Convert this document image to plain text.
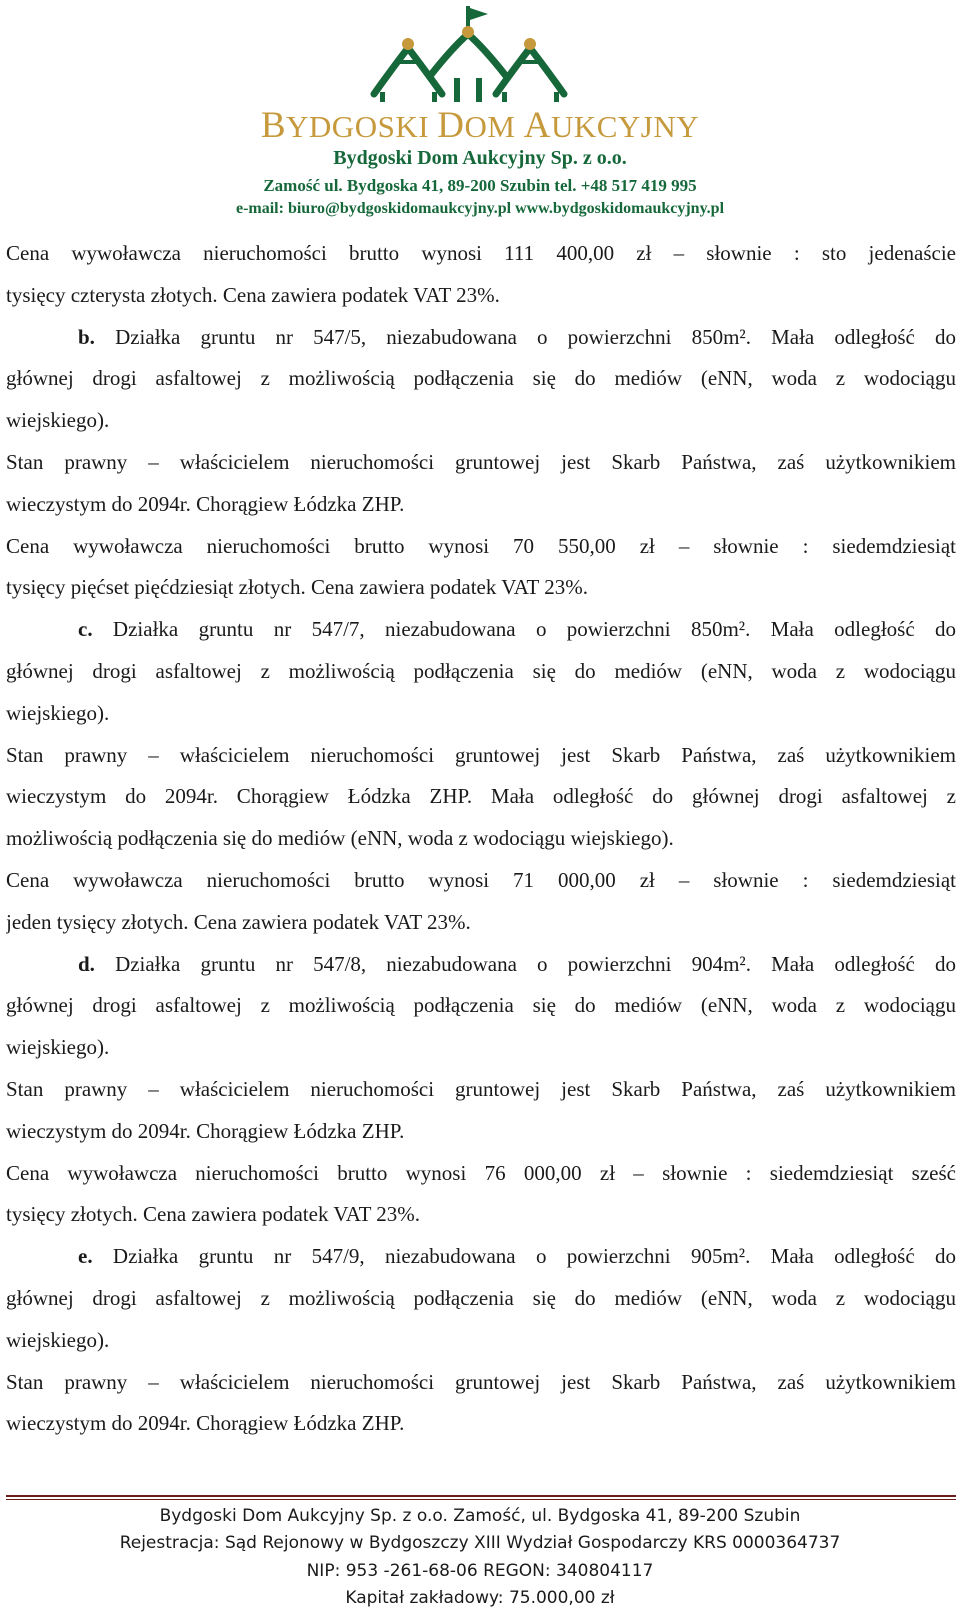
BYDGOSKI DOM AUKCYJNY
Bydgoski Dom Aukcyjny Sp. z o.o.
Zamość ul. Bydgoska 41, 89-200 Szubin tel. +48 517 419 995
e-mail: biuro@bydgoskidomaukcyjny.pl www.bydgoskidomaukcyjny.pl
Cena wywoławcza nieruchomości brutto wynosi 111 400,00 zł – słownie : sto jedenaście
tysięcy czterysta złotych. Cena zawiera podatek VAT 23%.
b. Działka gruntu nr 547/5, niezabudowana o powierzchni 850m². Mała odległość do
głównej drogi asfaltowej z możliwością podłączenia się do mediów (eNN, woda z wodociągu
wiejskiego).
Stan prawny – właścicielem nieruchomości gruntowej jest Skarb Państwa, zaś użytkownikiem
wieczystym do 2094r. Chorągiew Łódzka ZHP.
Cena wywoławcza nieruchomości brutto wynosi 70 550,00 zł – słownie : siedemdziesiąt
tysięcy pięćset pięćdziesiąt złotych. Cena zawiera podatek VAT 23%.
c. Działka gruntu nr 547/7, niezabudowana o powierzchni 850m². Mała odległość do
głównej drogi asfaltowej z możliwością podłączenia się do mediów (eNN, woda z wodociągu
wiejskiego).
Stan prawny – właścicielem nieruchomości gruntowej jest Skarb Państwa, zaś użytkownikiem
wieczystym do 2094r. Chorągiew Łódzka ZHP. Mała odległość do głównej drogi asfaltowej z
możliwością podłączenia się do mediów (eNN, woda z wodociągu wiejskiego).
Cena wywoławcza nieruchomości brutto wynosi 71 000,00 zł – słownie : siedemdziesiąt
jeden tysięcy złotych. Cena zawiera podatek VAT 23%.
d. Działka gruntu nr 547/8, niezabudowana o powierzchni 904m². Mała odległość do
głównej drogi asfaltowej z możliwością podłączenia się do mediów (eNN, woda z wodociągu
wiejskiego).
Stan prawny – właścicielem nieruchomości gruntowej jest Skarb Państwa, zaś użytkownikiem
wieczystym do 2094r. Chorągiew Łódzka ZHP.
Cena wywoławcza nieruchomości brutto wynosi 76 000,00 zł – słownie : siedemdziesiąt sześć
tysięcy złotych. Cena zawiera podatek VAT 23%.
e. Działka gruntu nr 547/9, niezabudowana o powierzchni 905m². Mała odległość do
głównej drogi asfaltowej z możliwością podłączenia się do mediów (eNN, woda z wodociągu
wiejskiego).
Stan prawny – właścicielem nieruchomości gruntowej jest Skarb Państwa, zaś użytkownikiem
wieczystym do 2094r. Chorągiew Łódzka ZHP.
Bydgoski Dom Aukcyjny Sp. z o.o. Zamość, ul. Bydgoska 41, 89-200 Szubin
Rejestracja: Sąd Rejonowy w Bydgoszczy XIII Wydział Gospodarczy KRS 0000364737
NIP: 953 -261-68-06 REGON: 340804117
Kapitał zakładowy: 75.000,00 zł
